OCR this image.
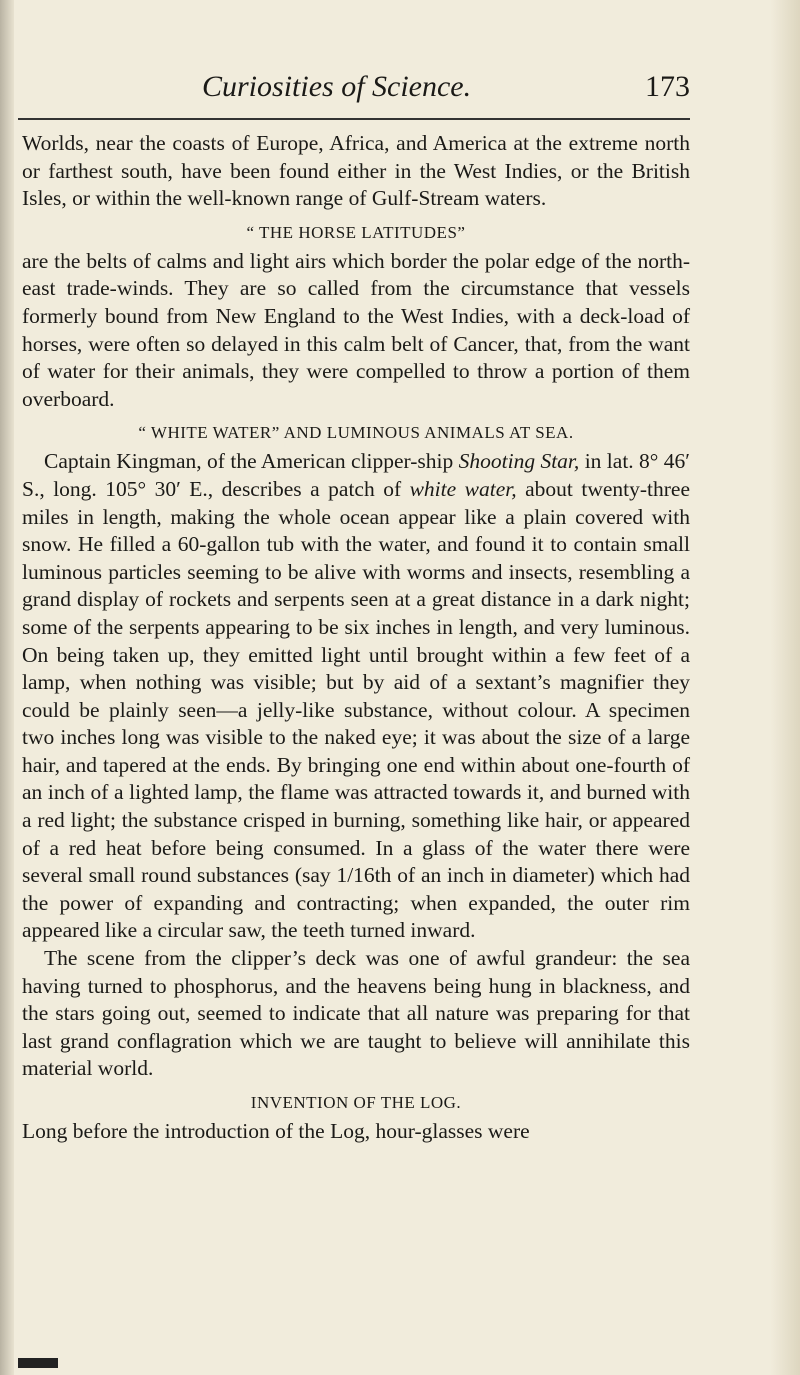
Curiosities of Science.	173

Worlds, near the coasts of Europe, Africa, and America at the extreme north or farthest south, have been found either in the West Indies, or the British Isles, or within the well-known range of Gulf-Stream waters.

“ THE HORSE LATITUDES”

are the belts of calms and light airs which border the polar edge of the north-east trade-winds. They are so called from the circumstance that vessels formerly bound from New England to the West Indies, with a deck-load of horses, were often so delayed in this calm belt of Cancer, that, from the want of water for their animals, they were compelled to throw a portion of them overboard.

“ WHITE WATER” AND LUMINOUS ANIMALS AT SEA.

Captain Kingman, of the American clipper-ship Shooting Star, in lat. 8° 46′ S., long. 105° 30′ E., describes a patch of white water, about twenty-three miles in length, making the whole ocean appear like a plain covered with snow. He filled a 60-gallon tub with the water, and found it to contain small luminous particles seeming to be alive with worms and insects, resembling a grand display of rockets and serpents seen at a great distance in a dark night; some of the serpents appearing to be six inches in length, and very luminous. On being taken up, they emitted light until brought within a few feet of a lamp, when nothing was visible; but by aid of a sextant’s magnifier they could be plainly seen—a jelly-like substance, without colour. A specimen two inches long was visible to the naked eye; it was about the size of a large hair, and tapered at the ends. By bringing one end within about one-fourth of an inch of a lighted lamp, the flame was attracted towards it, and burned with a red light; the substance crisped in burning, something like hair, or appeared of a red heat before being consumed. In a glass of the water there were several small round substances (say 1/16th of an inch in diameter) which had the power of expanding and contracting; when expanded, the outer rim appeared like a circular saw, the teeth turned inward.

The scene from the clipper’s deck was one of awful grandeur: the sea having turned to phosphorus, and the heavens being hung in blackness, and the stars going out, seemed to indicate that all nature was preparing for that last grand conflagration which we are taught to believe will annihilate this material world.

INVENTION OF THE LOG.

Long before the introduction of the Log, hour-glasses were
